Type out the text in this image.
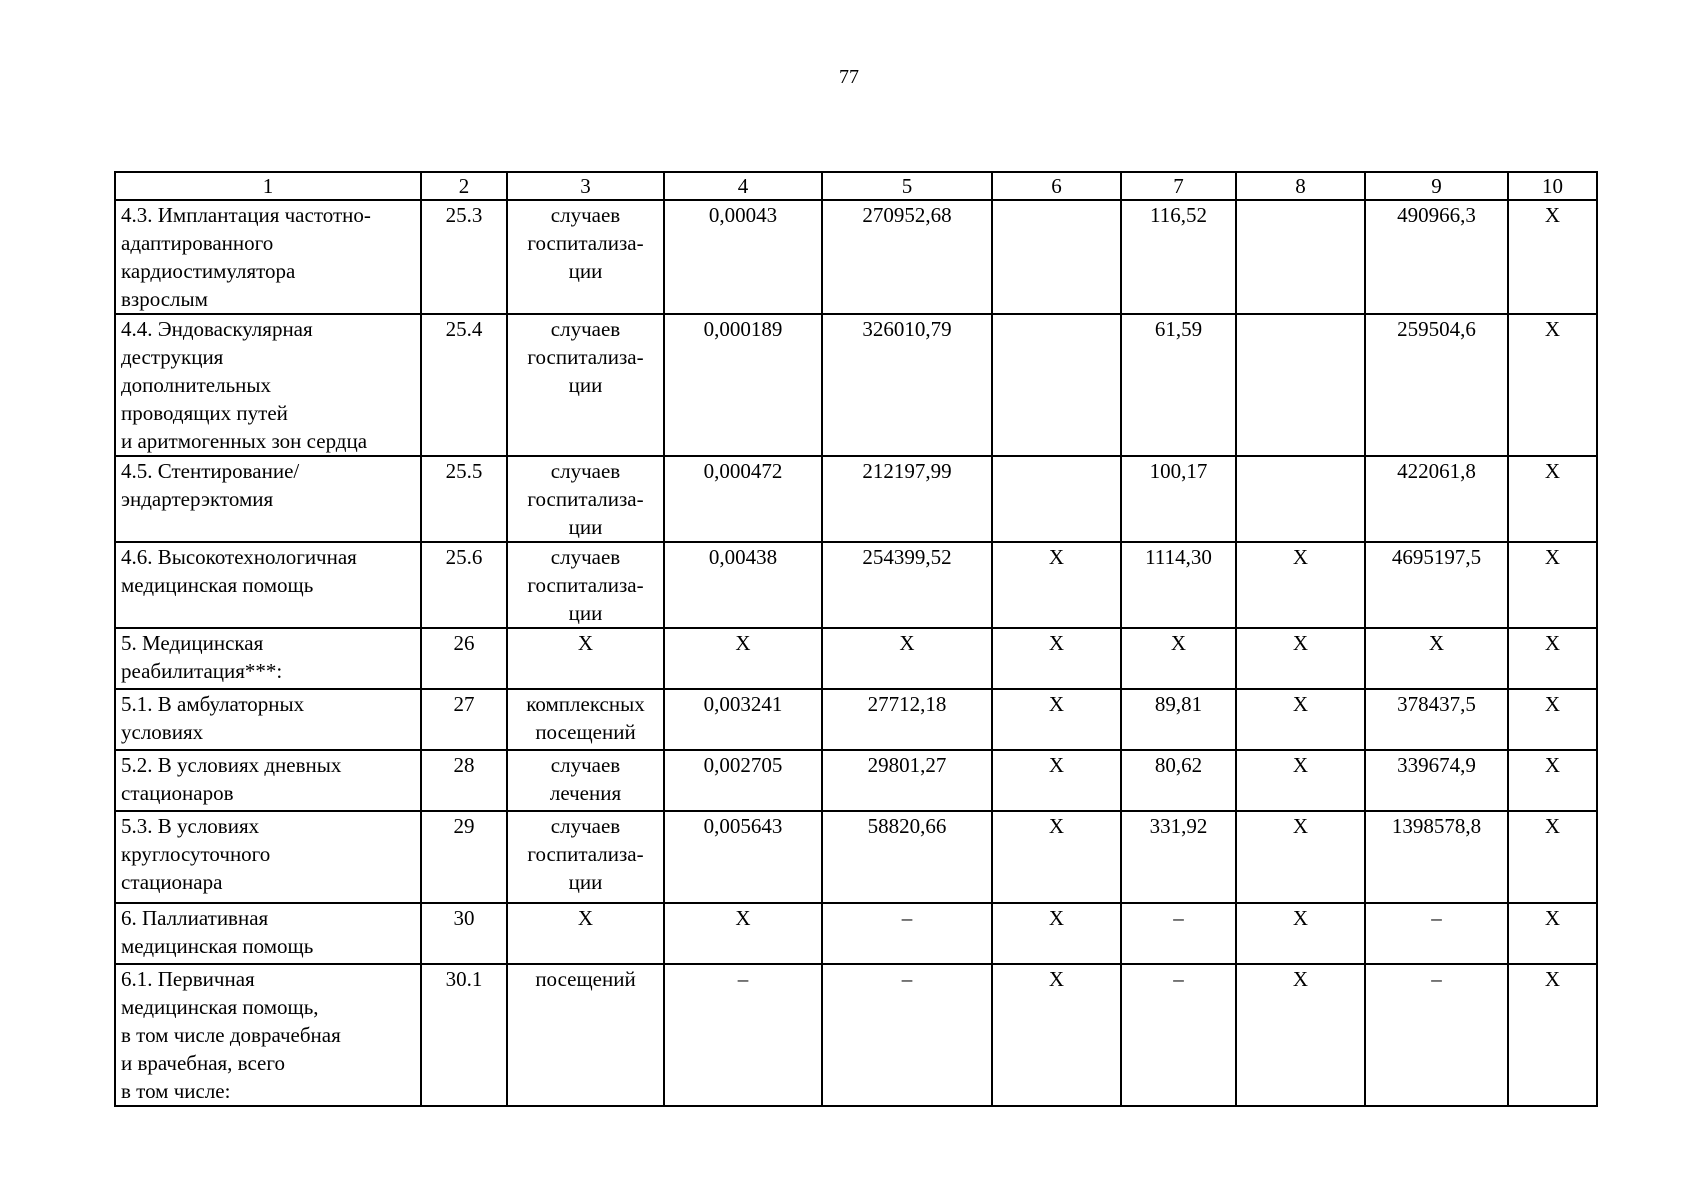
77
1	2	3	4	5	6	7	8	9	10
4.3. Имплантация частотно-
адаптированного
кардиостимулятора
взрослым	25.3	случаев
госпитализа-
ции	0,00043	270952,68		116,52		490966,3	Х
4.4. Эндоваскулярная
деструкция
дополнительных
проводящих путей
и аритмогенных зон сердца	25.4	случаев
госпитализа-
ции	0,000189	326010,79		61,59		259504,6	Х
4.5. Стентирование/
эндартерэктомия	25.5	случаев
госпитализа-
ции	0,000472	212197,99		100,17		422061,8	Х
4.6. Высокотехнологичная
медицинская помощь	25.6	случаев
госпитализа-
ции	0,00438	254399,52	Х	1114,30	Х	4695197,5	Х
5. Медицинская
реабилитация***:	26	Х	Х	Х	Х	Х	Х	Х	Х
5.1. В амбулаторных
условиях	27	комплексных
посещений	0,003241	27712,18	Х	89,81	Х	378437,5	Х
5.2. В условиях дневных
стационаров	28	случаев
лечения	0,002705	29801,27	Х	80,62	Х	339674,9	Х
5.3. В условиях
круглосуточного
стационара	29	случаев
госпитализа-
ции	0,005643	58820,66	Х	331,92	Х	1398578,8	Х
6. Паллиативная
медицинская помощь	30	Х	Х	–	Х	–	Х	–	Х
6.1. Первичная
медицинская помощь,
в том числе доврачебная
и врачебная, всего
в том числе:	30.1	посещений	–	–	Х	–	Х	–	Х
